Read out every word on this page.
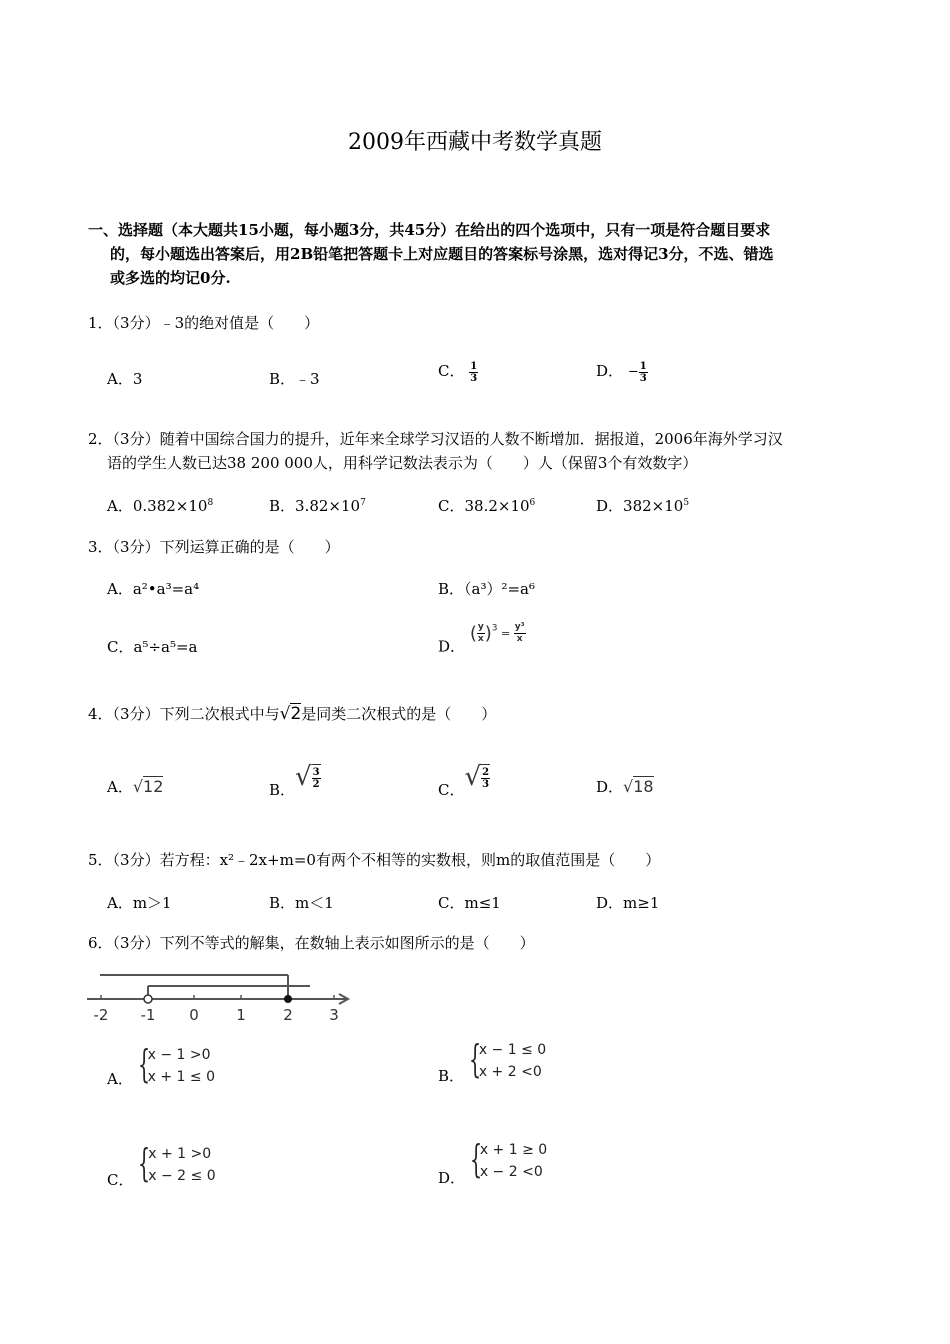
2009年西藏中考数学真题
一、选择题（本大题共15小题，每小题3分，共45分）在给出的四个选项中，只有一项是符合题目要求
的，每小题选出答案后，用2B铅笔把答题卡上对应题目的答案标号涂黑，选对得记3分，不选、错选
或多选的均记0分.
1．（3分）﹣3的绝对值是（　　）
A．3	B．﹣3	C． $\frac{1}{3}$	D． − $\frac{1}{3}$
2．（3分）随着中国综合国力的提升，近年来全球学习汉语的人数不断增加．据报道，2006年海外学习汉
语的学生人数已达38 200 000人，用科学记数法表示为（　　）人（保留3个有效数字）
A．$0.382\times 10^8$	B．$3.82\times 10^7$	C．$38.2\times 10^6$	D．$382\times 10^5$
3．（3分）下列运算正确的是（　　）
A．a²•a³=a⁴	B．（a³）²=a⁶
C．a⁵÷a⁵=a	D． ( $\frac{y}{x} )^3 = \frac{\text{y³}}{x}$
4．（3分）下列二次根式中与√2是同类二次根式的是（　　）
A．√12	B．√ $\frac{3}{2}$	C．√ $\frac{2}{3}$	D．√18
5．（3分）若方程：x²﹣2x+m=0有两个不相等的实数根，则m的取值范围是（　　）
A．m＞1	B．m＜1	C．m≤1	D．m≥1
6．（3分）下列不等式的解集，在数轴上表示如图所示的是（　　）
-2 -1 0 1 2 3
A． {
x − 1 >0
x + 1 ≤ 0	B． {
x − 1 ≤ 0
x + 2 <0
C． {
x + 1 >0
x − 2 ≤ 0	D． {
x + 1 ≥ 0
x − 2 <0
